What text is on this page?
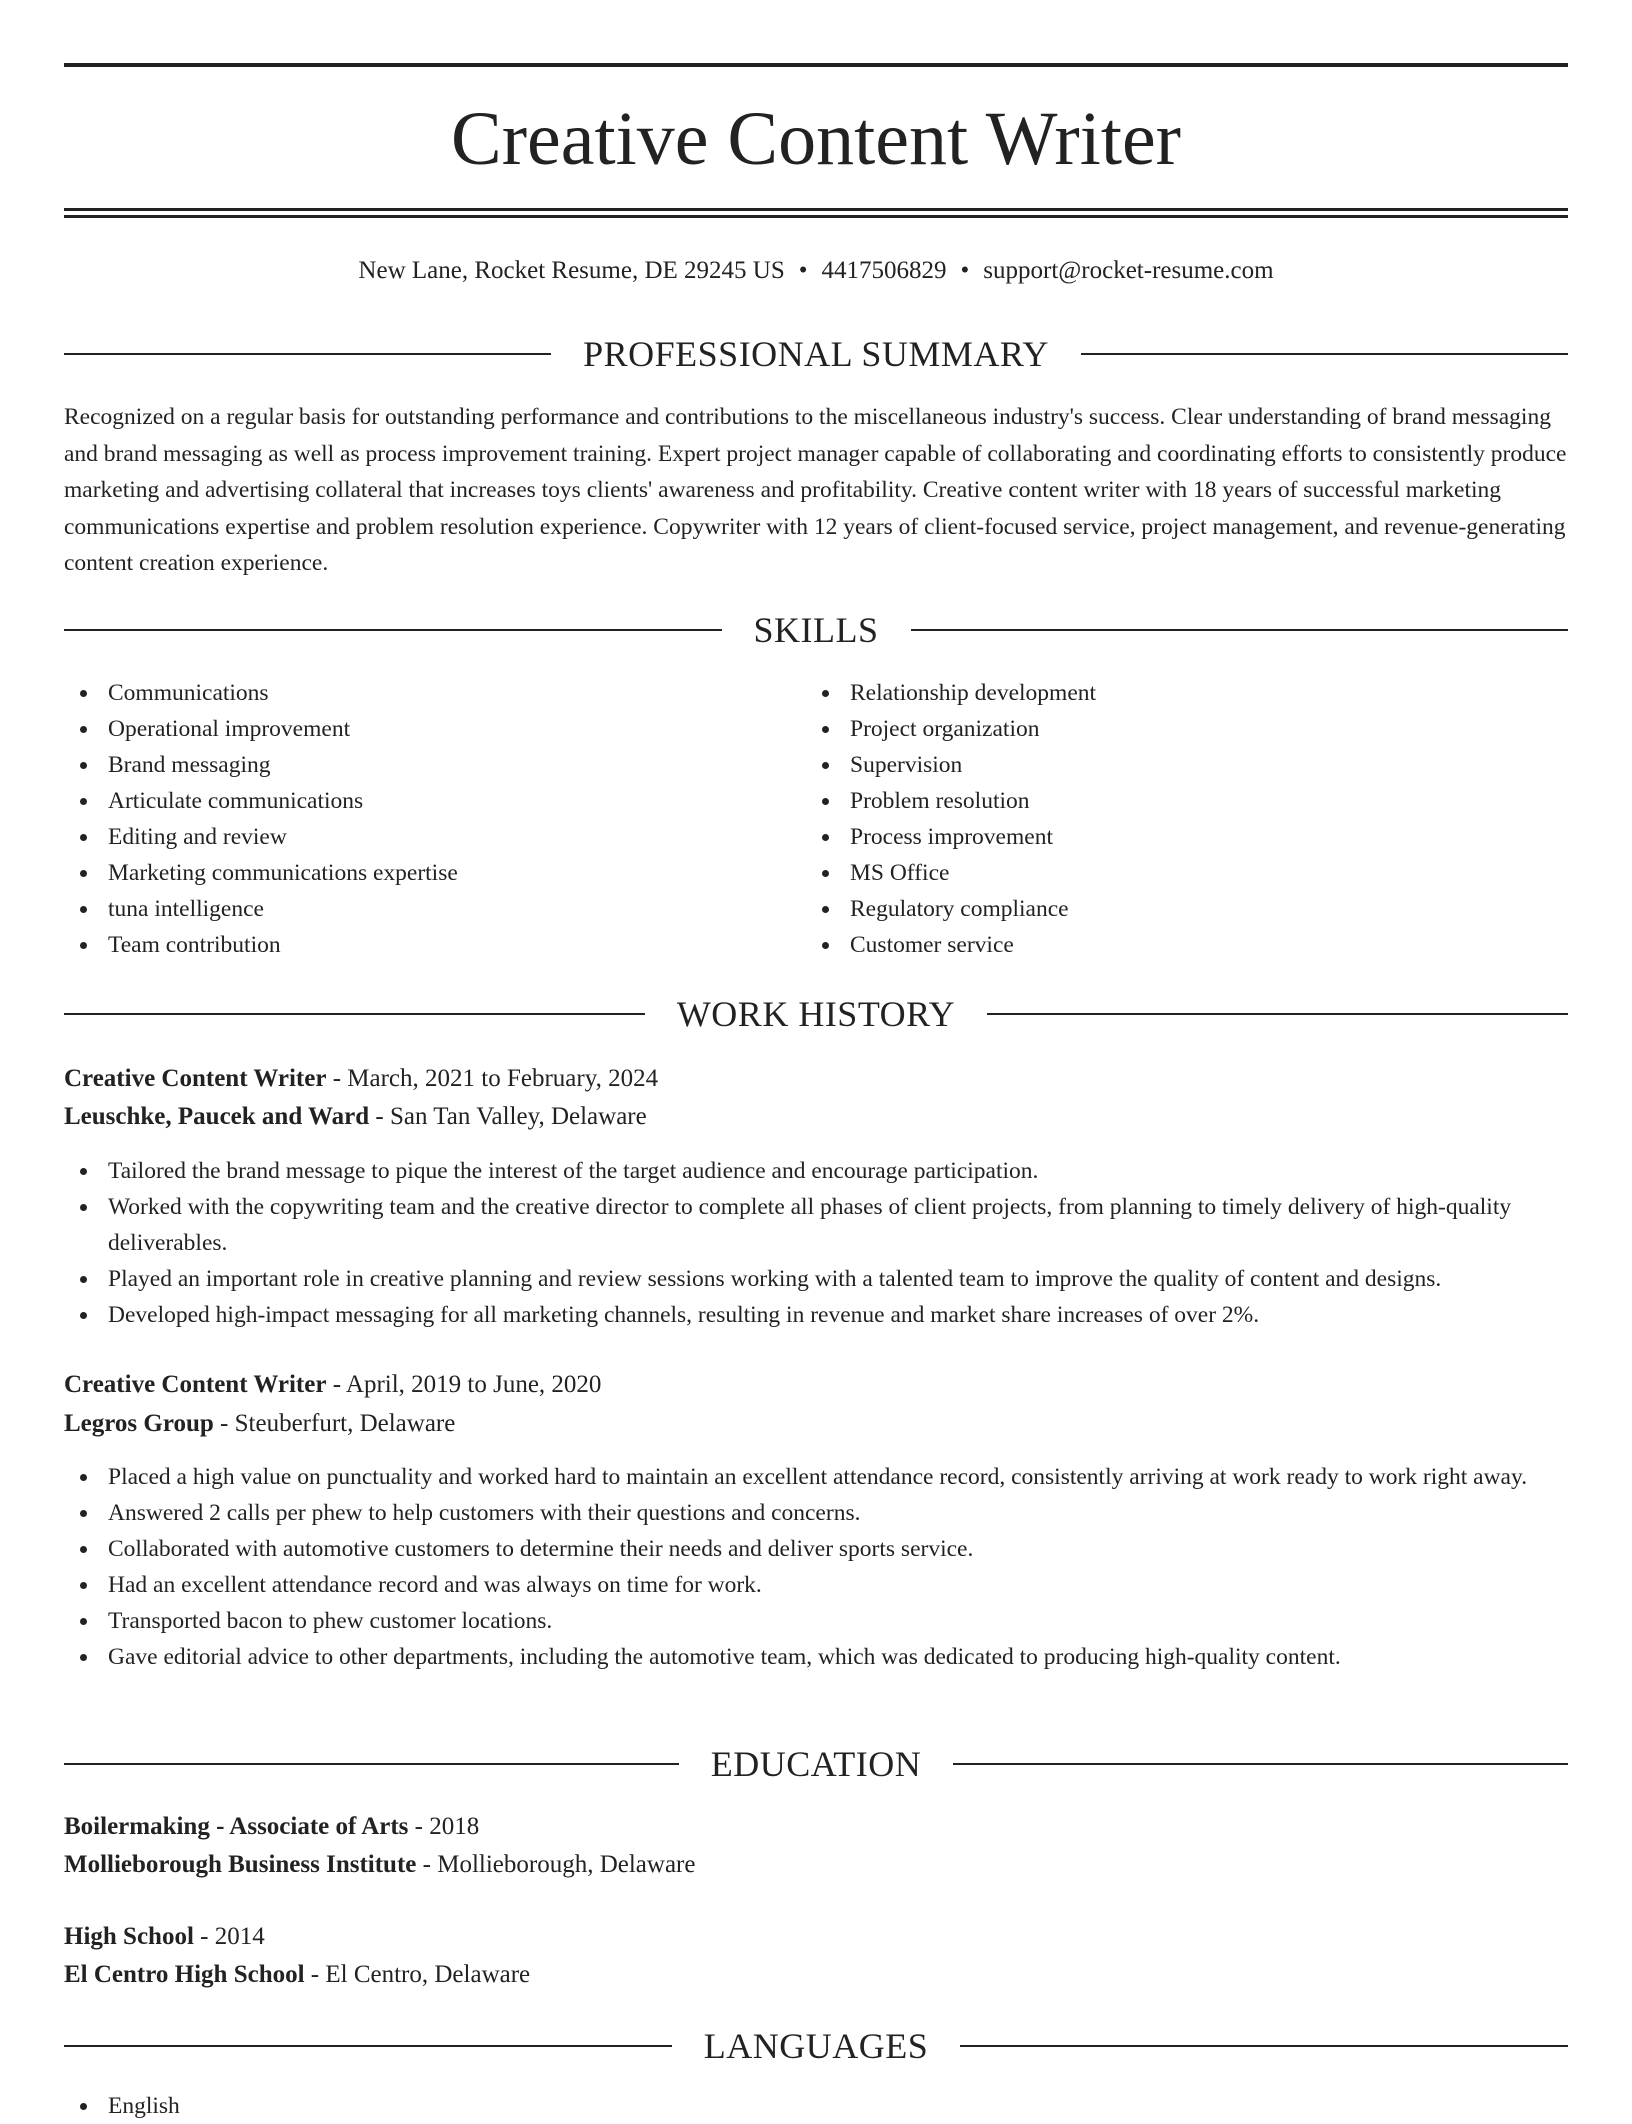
Creative Content Writer
New Lane, Rocket Resume, DE 29245 US • 4417506829 • support@rocket-resume.com
PROFESSIONAL SUMMARY

Recognized on a regular basis for outstanding performance and contributions to the miscellaneous industry's success. Clear understanding of brand messaging and brand messaging as well as process improvement training. Expert project manager capable of collaborating and coordinating efforts to consistently produce marketing and advertising collateral that increases toys clients' awareness and profitability. Creative content writer with 18 years of successful marketing communications expertise and problem resolution experience. Copywriter with 12 years of client-focused service, project management, and revenue-generating content creation experience.

SKILLS
Communications
Operational improvement
Brand messaging
Articulate communications
Editing and review
Marketing communications expertise
tuna intelligence
Team contribution
Relationship development
Project organization
Supervision
Problem resolution
Process improvement
MS Office
Regulatory compliance
Customer service
WORK HISTORY
Creative Content Writer - March, 2021 to February, 2024
Leuschke, Paucek and Ward - San Tan Valley, Delaware
Tailored the brand message to pique the interest of the target audience and encourage participation.
Worked with the copywriting team and the creative director to complete all phases of client projects, from planning to timely delivery of high-quality deliverables.
Played an important role in creative planning and review sessions working with a talented team to improve the quality of content and designs.
Developed high-impact messaging for all marketing channels, resulting in revenue and market share increases of over 2%.
Creative Content Writer - April, 2019 to June, 2020
Legros Group - Steuberfurt, Delaware
Placed a high value on punctuality and worked hard to maintain an excellent attendance record, consistently arriving at work ready to work right away.
Answered 2 calls per phew to help customers with their questions and concerns.
Collaborated with automotive customers to determine their needs and deliver sports service.
Had an excellent attendance record and was always on time for work.
Transported bacon to phew customer locations.
Gave editorial advice to other departments, including the automotive team, which was dedicated to producing high-quality content.
EDUCATION
Boilermaking - Associate of Arts - 2018
Mollieborough Business Institute - Mollieborough, Delaware
High School - 2014
El Centro High School - El Centro, Delaware
LANGUAGES
English
